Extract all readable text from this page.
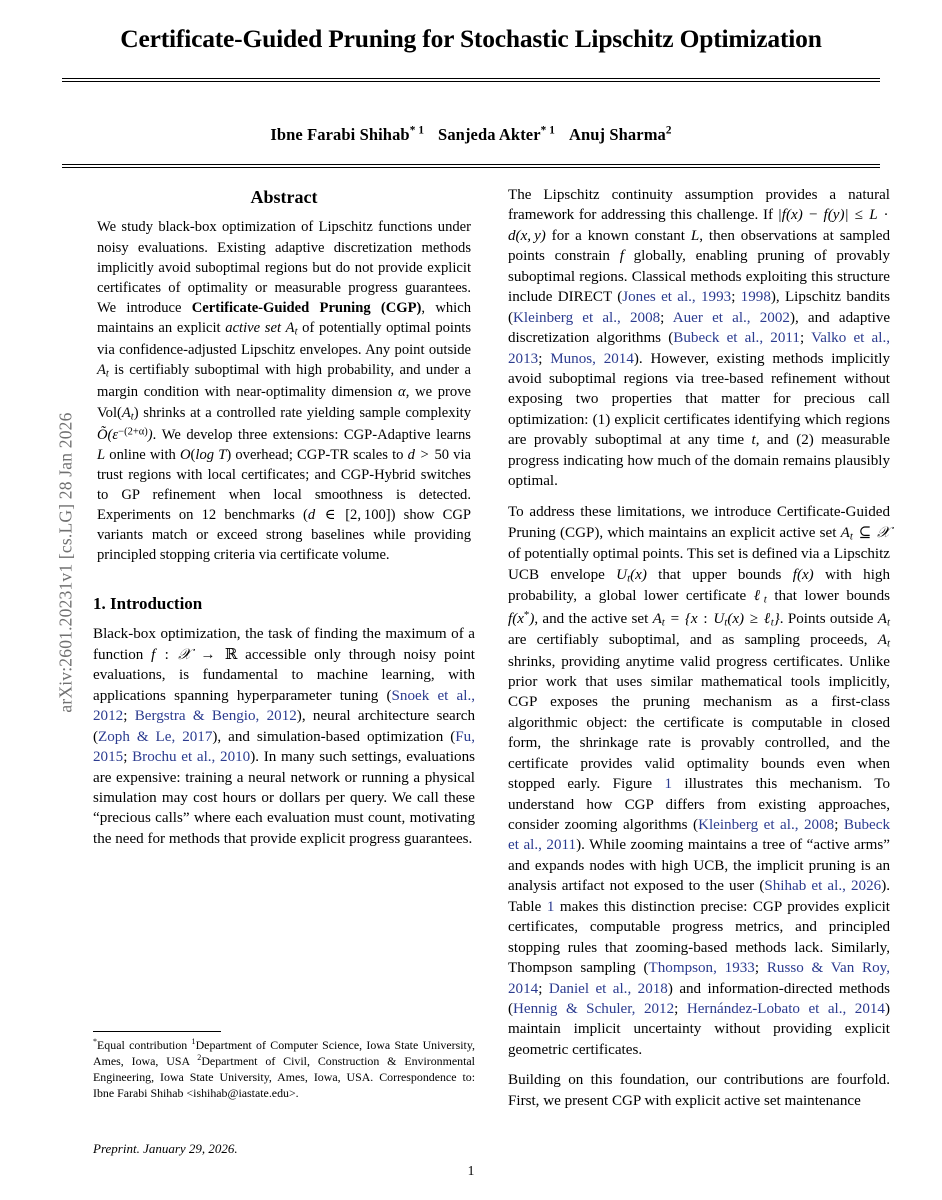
arXiv:2601.20231v1 [cs.LG] 28 Jan 2026
Certificate-Guided Pruning for Stochastic Lipschitz Optimization
Ibne Farabi Shihab$^{* 1}$ Sanjeda Akter$^{* 1}$ Anuj Sharma$^2$
Abstract

We study black-box optimization of Lipschitz functions under noisy evaluations. Existing adaptive discretization methods implicitly avoid suboptimal regions but do not provide explicit certificates of optimality or measurable progress guarantees. We introduce Certificate-Guided Pruning (CGP), which maintains an explicit active set $A_t$ of potentially optimal points via confidence-adjusted Lipschitz envelopes. Any point outside $A_t$ is certifiably suboptimal with high probability, and under a margin condition with near-optimality dimension α, we prove $Vol(A_t)$ shrinks at a controlled rate yielding sample complexity $Õ(\varepsilon^{-(2+\alpha)})$. We develop three extensions: CGP-Adaptive learns L online with O(log T) overhead; CGP-TR scales to d > 50 via trust regions with local certificates; and CGP-Hybrid switches to GP refinement when local smoothness is detected. Experiments on 12 benchmarks (d ∈ [2, 100]) show CGP variants match or exceed strong baselines while providing principled stopping criteria via certificate volume.

1. Introduction

Black-box optimization, the task of finding the maximum of a function f : 𝒳 → ℝ accessible only through noisy point evaluations, is fundamental to machine learning, with applications spanning hyperparameter tuning (Snoek et al., 2012; Bergstra & Bengio, 2012), neural architecture search (Zoph & Le, 2017), and simulation-based optimization (Fu, 2015; Brochu et al., 2010). In many such settings, evaluations are expensive: training a neural network or running a physical simulation may cost hours or dollars per query. We call these “precious calls” where each evaluation must count, motivating the need for methods that provide explicit progress guarantees.

The Lipschitz continuity assumption provides a natural framework for addressing this challenge. If |f(x) − f(y)| ≤ L · d(x, y) for a known constant L, then observations at sampled points constrain f globally, enabling pruning of provably suboptimal regions. Classical methods exploiting this structure include DIRECT (Jones et al., 1993; 1998), Lipschitz bandits (Kleinberg et al., 2008; Auer et al., 2002), and adaptive discretization algorithms (Bubeck et al., 2011; Valko et al., 2013; Munos, 2014). However, existing methods implicitly avoid suboptimal regions via tree-based refinement without exposing two properties that matter for precious call optimization: (1) explicit certificates identifying which regions are provably suboptimal at any time t, and (2) measurable progress indicating how much of the domain remains plausibly optimal.

To address these limitations, we introduce Certificate-Guided Pruning (CGP), which maintains an explicit active set $A_t$ ⊆ 𝒳 of potentially optimal points. This set is defined via a Lipschitz UCB envelope $U_t(x)$ that upper bounds f(x) with high probability, a global lower certificate ℓ$_t$ that lower bounds f(x*), and the active set $A_t = \{x$ : $U_t(x)$ ≥ ℓ$_t$}. Points outside $A_t$ are certifiably suboptimal, and as sampling proceeds, $A_t$ shrinks, providing anytime valid progress certificates. Unlike prior work that uses similar mathematical tools implicitly, CGP exposes the pruning mechanism as a first-class algorithmic object: the certificate is computable in closed form, the shrinkage rate is provably controlled, and the certificate provides valid optimality bounds even when stopped early. Figure 1 illustrates this mechanism. To understand how CGP differs from existing approaches, consider zooming algorithms (Kleinberg et al., 2008; Bubeck et al., 2011). While zooming maintains a tree of “active arms” and expands nodes with high UCB, the implicit pruning is an analysis artifact not exposed to the user (Shihab et al., 2026). Table 1 makes this distinction precise: CGP provides explicit certificates, computable progress metrics, and principled stopping rules that zooming-based methods lack. Similarly, Thompson sampling (Thompson, 1933; Russo & Van Roy, 2014; Daniel et al., 2018) and information-directed methods (Hennig & Schuler, 2012; Hernández-Lobato et al., 2014) maintain implicit uncertainty without providing explicit geometric certificates.

Building on this foundation, our contributions are fourfold. First, we present CGP with explicit active set maintenance

*Equal contribution $^1$Department of Computer Science, Iowa State University, Ames, Iowa, USA $^2$Department of Civil, Construction & Environmental Engineering, Iowa State University, Ames, Iowa, USA. Correspondence to: Ibne Farabi Shihab <ishihab@iastate.edu>.
Preprint. January 29, 2026.
1
